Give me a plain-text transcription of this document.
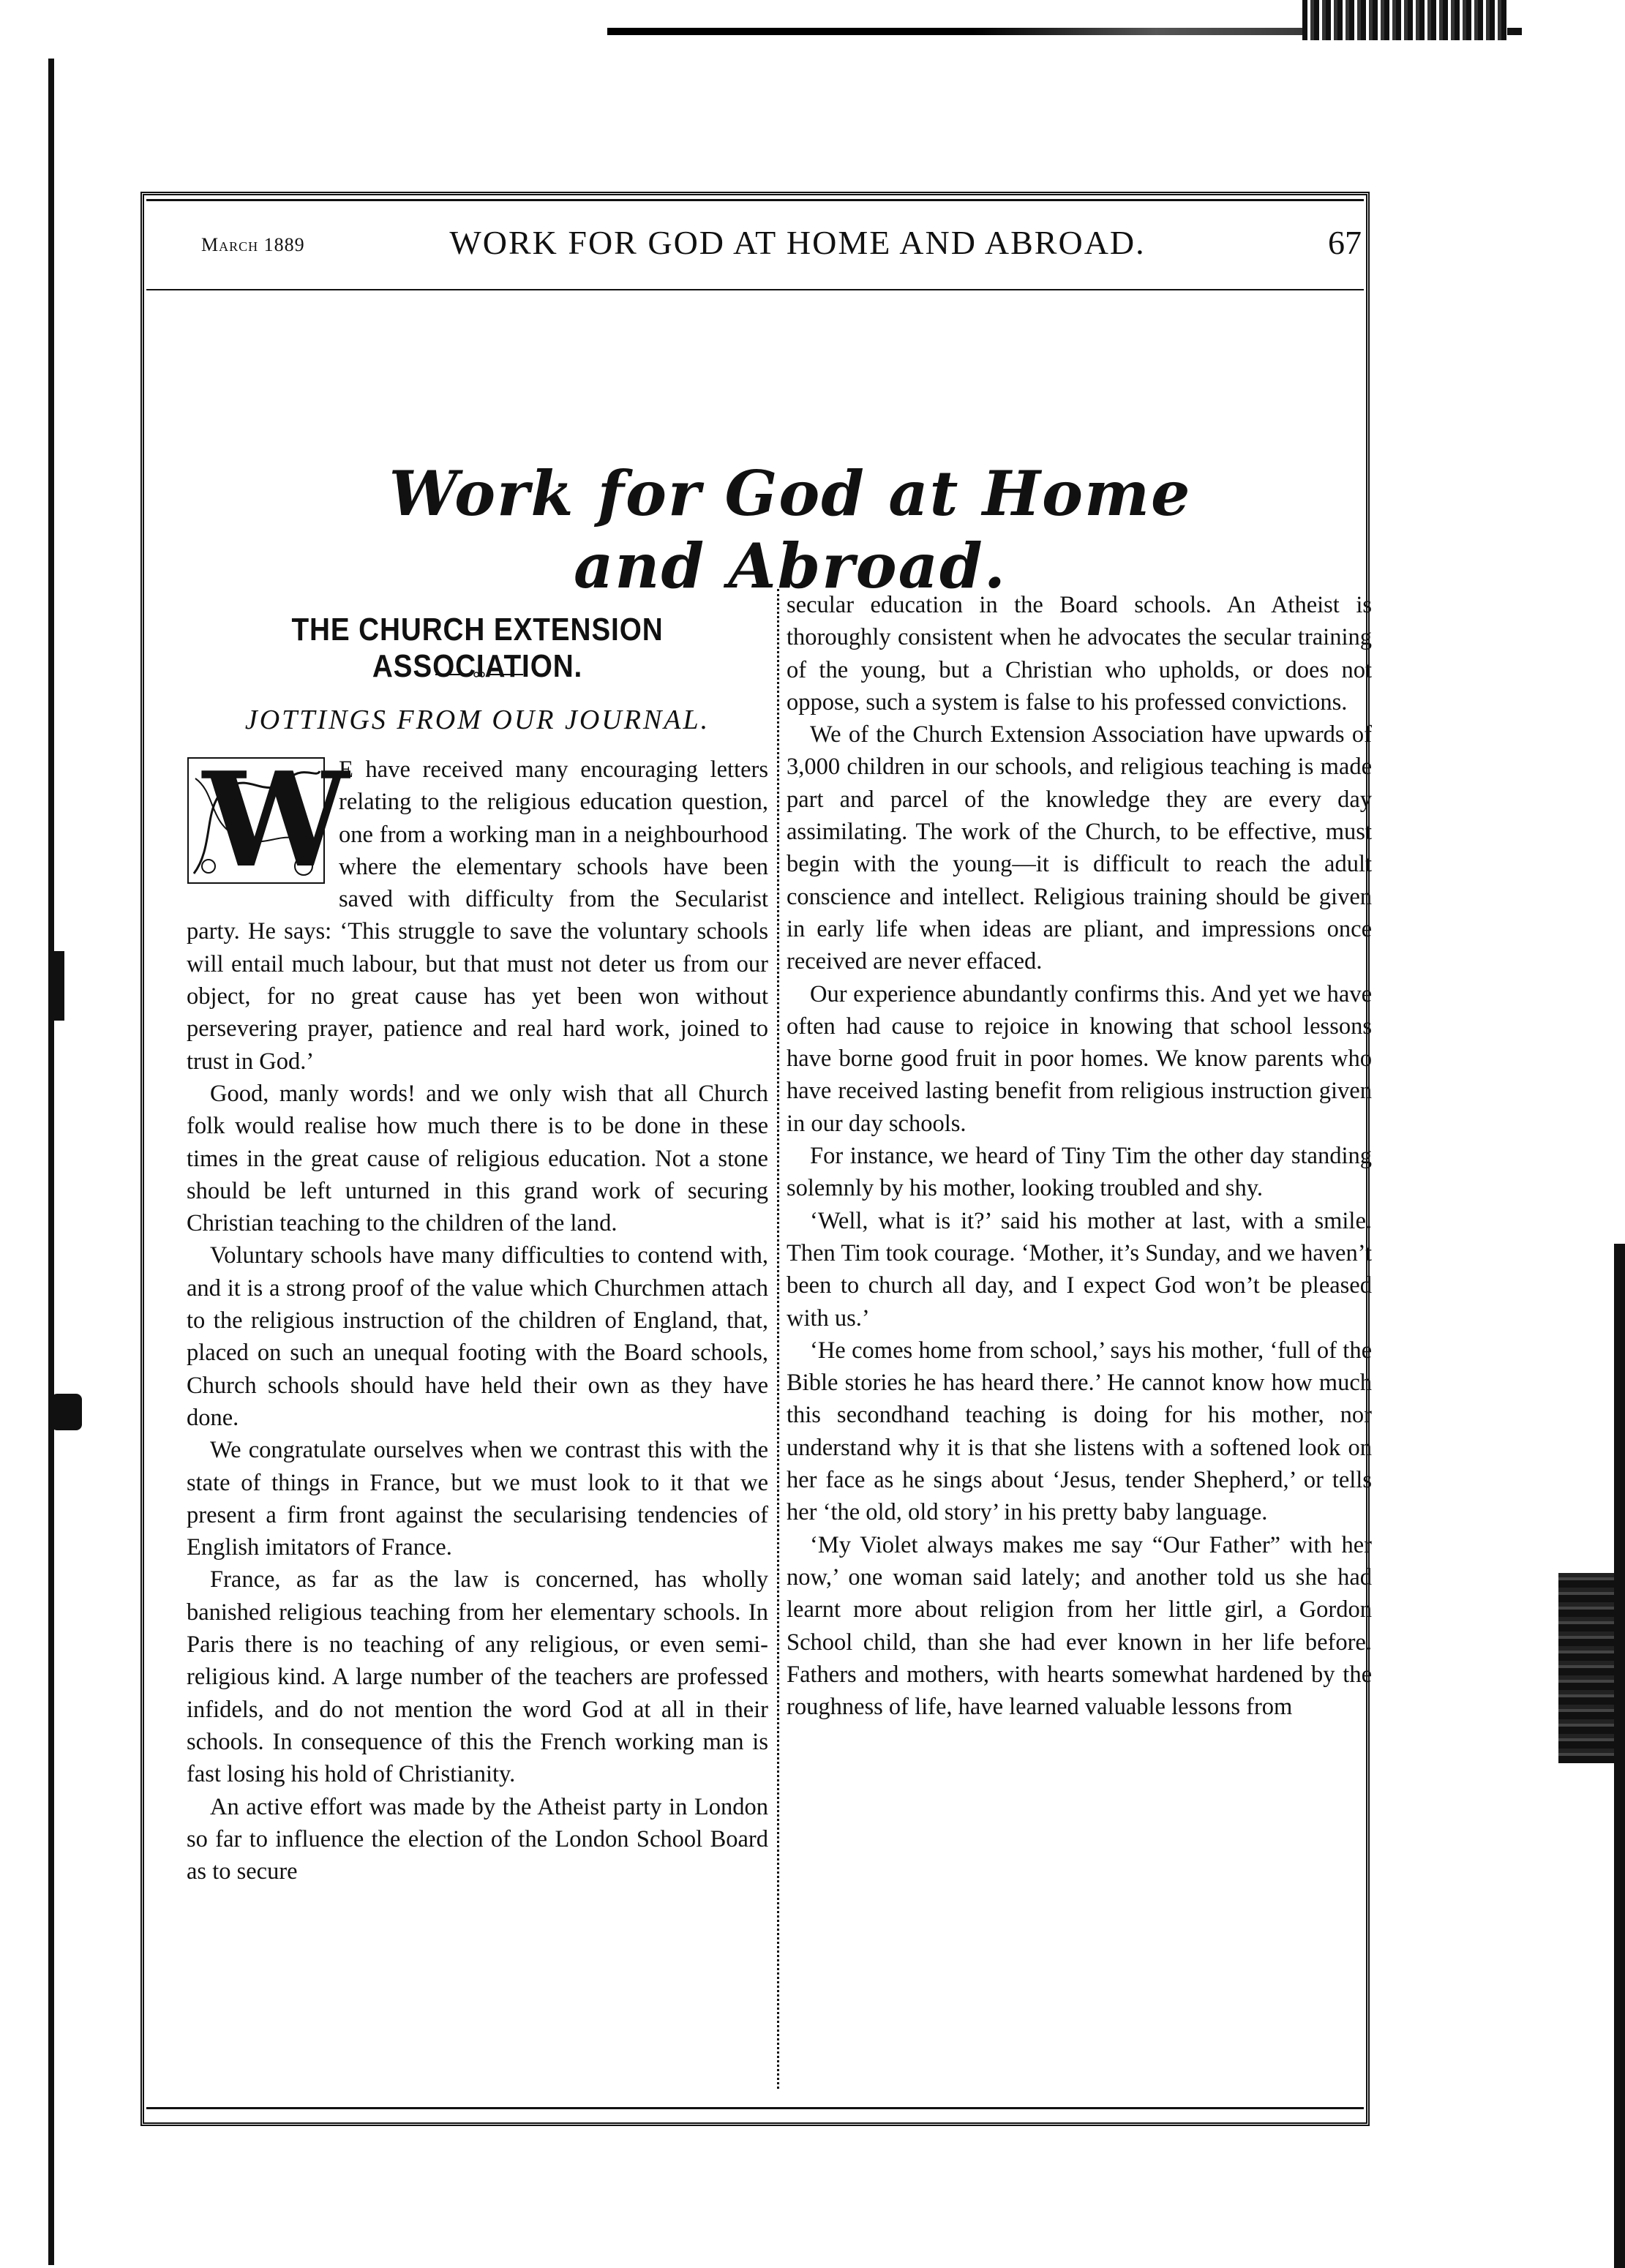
March 1889	WORK FOR GOD AT HOME AND ABROAD.	67
Work for God at Home and Abroad.
THE CHURCH EXTENSION ASSOCIATION.
JOTTINGS FROM OUR JOURNAL.
W

E have received many encouraging letters relating to the religious education question, one from a working man in a neighbourhood where the elementary schools have been saved with difficulty from the Secularist party. He says: ‘This struggle to save the voluntary schools will entail much labour, but that must not deter us from our object, for no great cause has yet been won without persevering prayer, patience and real hard work, joined to trust in God.’

Good, manly words! and we only wish that all Church folk would realise how much there is to be done in these times in the great cause of religious education. Not a stone should be left unturned in this grand work of securing Christian teaching to the children of the land.

Voluntary schools have many difficulties to contend with, and it is a strong proof of the value which Churchmen attach to the religious instruction of the children of England, that, placed on such an unequal footing with the Board schools, Church schools should have held their own as they have done.

We congratulate ourselves when we contrast this with the state of things in France, but we must look to it that we present a firm front against the secularising tendencies of English imitators of France.

France, as far as the law is concerned, has wholly banished religious teaching from her elementary schools. In Paris there is no teaching of any religious, or even semi-religious kind. A large number of the teachers are professed infidels, and do not mention the word God at all in their schools. In consequence of this the French working man is fast losing his hold of Christianity.

An active effort was made by the Atheist party in London so far to influence the election of the London School Board as to secure

secular education in the Board schools. An Atheist is thoroughly consistent when he advocates the secular training of the young, but a Christian who upholds, or does not oppose, such a system is false to his professed convictions.

We of the Church Extension Association have upwards of 3,000 children in our schools, and religious teaching is made part and parcel of the knowledge they are every day assimilating. The work of the Church, to be effective, must begin with the young—it is difficult to reach the adult conscience and intellect. Religious training should be given in early life when ideas are pliant, and impressions once received are never effaced.

Our experience abundantly confirms this. And yet we have often had cause to rejoice in knowing that school lessons have borne good fruit in poor homes. We know parents who have received lasting benefit from religious instruction given in our day schools.

For instance, we heard of Tiny Tim the other day standing solemnly by his mother, looking troubled and shy.

‘Well, what is it?’ said his mother at last, with a smile. Then Tim took courage. ‘Mother, it’s Sunday, and we haven’t been to church all day, and I expect God won’t be pleased with us.’

‘He comes home from school,’ says his mother, ‘full of the Bible stories he has heard there.’ He cannot know how much this secondhand teaching is doing for his mother, nor understand why it is that she listens with a softened look on her face as he sings about ‘Jesus, tender Shepherd,’ or tells her ‘the old, old story’ in his pretty baby language.

‘My Violet always makes me say “Our Father” with her now,’ one woman said lately; and another told us she had learnt more about religion from her little girl, a Gordon School child, than she had ever known in her life before. Fathers and mothers, with hearts somewhat hardened by the roughness of life, have learned valuable lessons from
